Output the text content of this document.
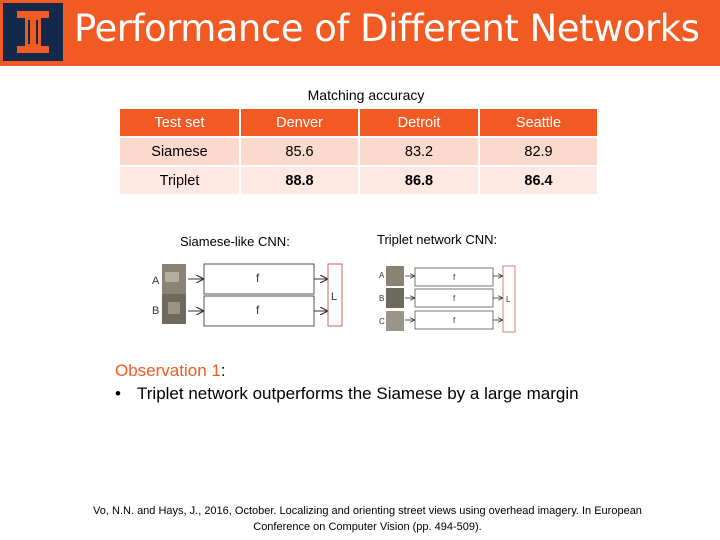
Performance of Different Networks
Matching accuracy
Test set	Denver	Detroit	Seattle
Siamese	85.6	83.2	82.9
Triplet	88.8	86.8	86.4
Siamese-like CNN:	Triplet network CNN:
A
B
f
f
L
A
B
C
f
f
f
L
Observation 1:
• Triplet network outperforms the Siamese by a large margin
Vo, N.N. and Hays, J., 2016, October. Localizing and orienting street views using overhead imagery. In European
Conference on Computer Vision (pp. 494-509).
